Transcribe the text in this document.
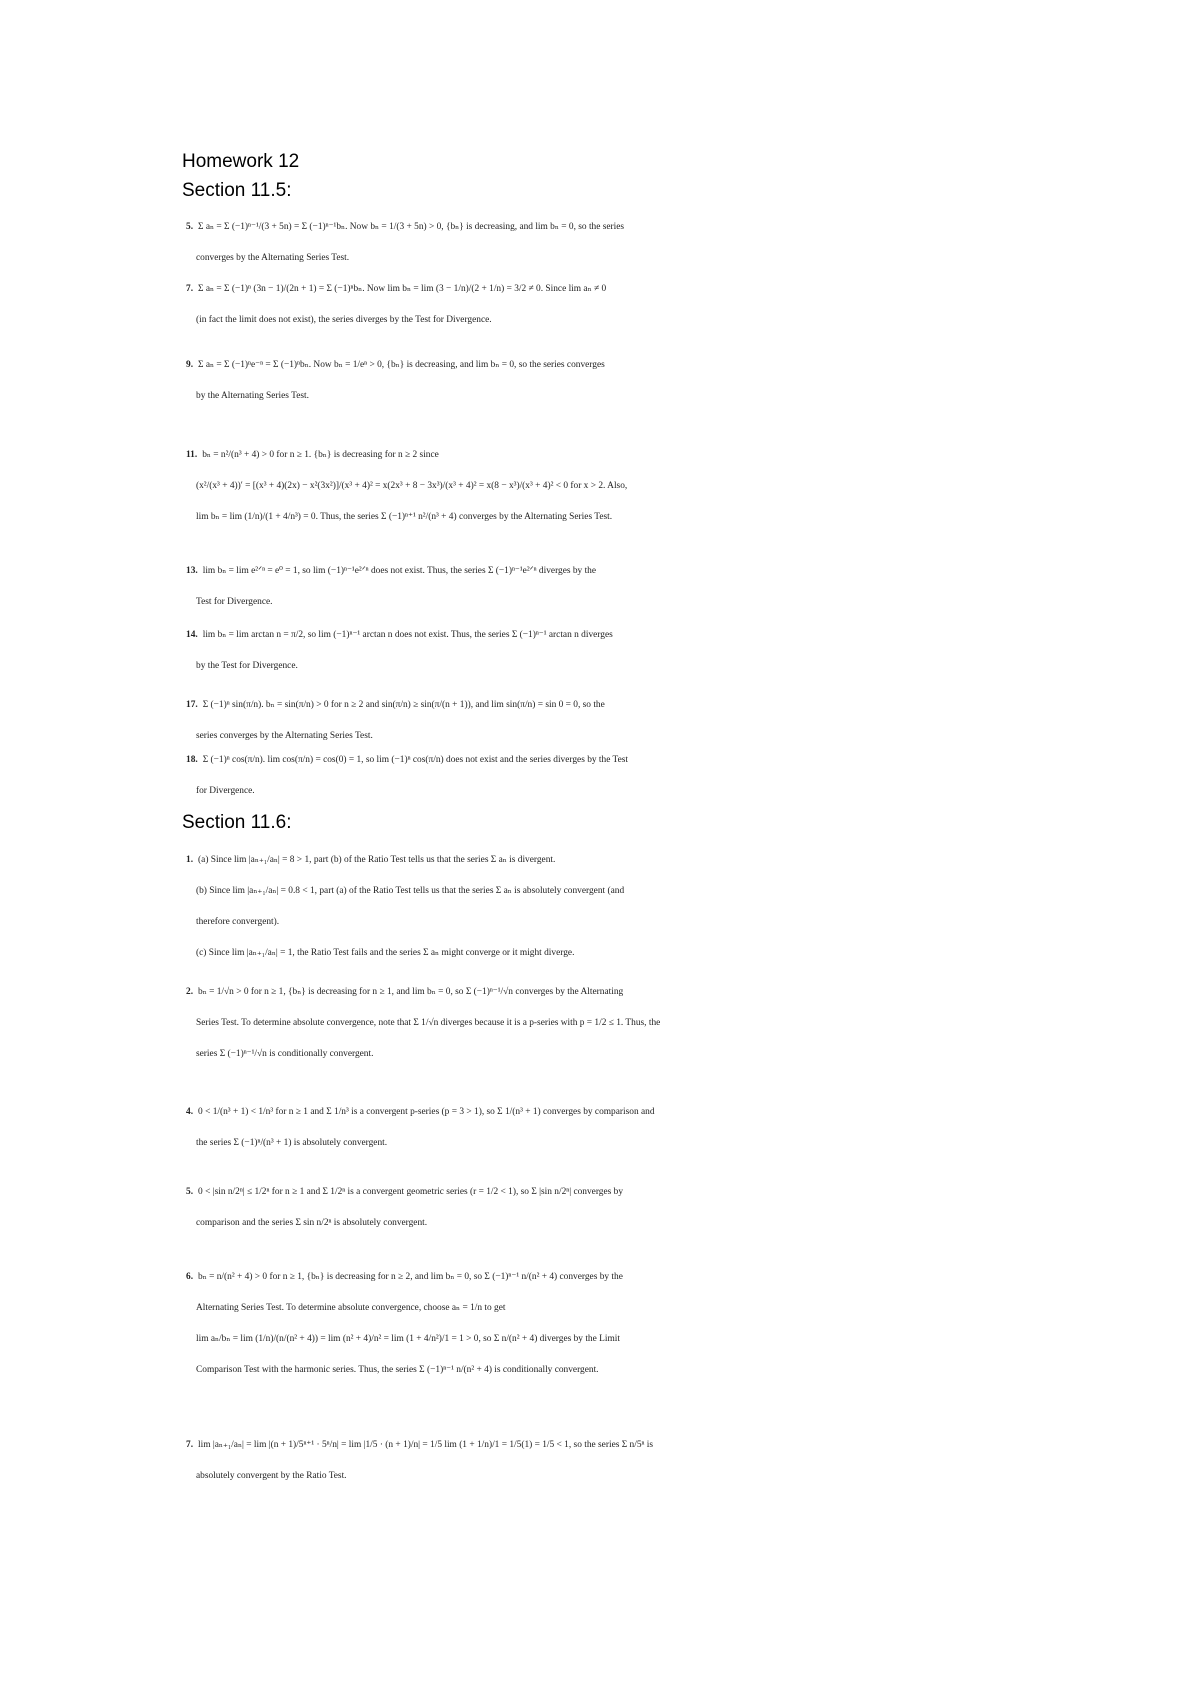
Homework 12
Section 11.5:
Section 11.6:
5. Σ aₙ = Σ (−1)ⁿ⁻¹/(3 + 5n) = Σ (−1)ⁿ⁻¹bₙ. Now bₙ = 1/(3 + 5n) > 0, {bₙ} is decreasing, and lim bₙ = 0, so the series
converges by the Alternating Series Test.
7. Σ aₙ = Σ (−1)ⁿ (3n − 1)/(2n + 1) = Σ (−1)ⁿbₙ. Now lim bₙ = lim (3 − 1/n)/(2 + 1/n) = 3/2 ≠ 0. Since lim aₙ ≠ 0
(in fact the limit does not exist), the series diverges by the Test for Divergence.
9. Σ aₙ = Σ (−1)ⁿe⁻ⁿ = Σ (−1)ⁿbₙ. Now bₙ = 1/eⁿ > 0, {bₙ} is decreasing, and lim bₙ = 0, so the series converges
by the Alternating Series Test.
11. bₙ = n²/(n³ + 4) > 0 for n ≥ 1. {bₙ} is decreasing for n ≥ 2 since
(x²/(x³ + 4))′ = [(x³ + 4)(2x) − x²(3x²)]/(x³ + 4)² = x(2x³ + 8 − 3x³)/(x³ + 4)² = x(8 − x³)/(x³ + 4)² < 0 for x > 2. Also,
lim bₙ = lim (1/n)/(1 + 4/n³) = 0. Thus, the series Σ (−1)ⁿ⁺¹ n²/(n³ + 4) converges by the Alternating Series Test.
13. lim bₙ = lim e²ᐟⁿ = e⁰ = 1, so lim (−1)ⁿ⁻¹e²ᐟⁿ does not exist. Thus, the series Σ (−1)ⁿ⁻¹e²ᐟⁿ diverges by the
Test for Divergence.
14. lim bₙ = lim arctan n = π/2, so lim (−1)ⁿ⁻¹ arctan n does not exist. Thus, the series Σ (−1)ⁿ⁻¹ arctan n diverges
by the Test for Divergence.
17. Σ (−1)ⁿ sin(π/n). bₙ = sin(π/n) > 0 for n ≥ 2 and sin(π/n) ≥ sin(π/(n + 1)), and lim sin(π/n) = sin 0 = 0, so the
series converges by the Alternating Series Test.
18. Σ (−1)ⁿ cos(π/n). lim cos(π/n) = cos(0) = 1, so lim (−1)ⁿ cos(π/n) does not exist and the series diverges by the Test
for Divergence.
1. (a) Since lim |aₙ₊₁/aₙ| = 8 > 1, part (b) of the Ratio Test tells us that the series Σ aₙ is divergent.
(b) Since lim |aₙ₊₁/aₙ| = 0.8 < 1, part (a) of the Ratio Test tells us that the series Σ aₙ is absolutely convergent (and
therefore convergent).
(c) Since lim |aₙ₊₁/aₙ| = 1, the Ratio Test fails and the series Σ aₙ might converge or it might diverge.
2. bₙ = 1/√n > 0 for n ≥ 1, {bₙ} is decreasing for n ≥ 1, and lim bₙ = 0, so Σ (−1)ⁿ⁻¹/√n converges by the Alternating
Series Test. To determine absolute convergence, note that Σ 1/√n diverges because it is a p-series with p = 1/2 ≤ 1. Thus, the
series Σ (−1)ⁿ⁻¹/√n is conditionally convergent.
4. 0 < 1/(n³ + 1) < 1/n³ for n ≥ 1 and Σ 1/n³ is a convergent p-series (p = 3 > 1), so Σ 1/(n³ + 1) converges by comparison and
the series Σ (−1)ⁿ/(n³ + 1) is absolutely convergent.
5. 0 < |sin n/2ⁿ| ≤ 1/2ⁿ for n ≥ 1 and Σ 1/2ⁿ is a convergent geometric series (r = 1/2 < 1), so Σ |sin n/2ⁿ| converges by
comparison and the series Σ sin n/2ⁿ is absolutely convergent.
6. bₙ = n/(n² + 4) > 0 for n ≥ 1, {bₙ} is decreasing for n ≥ 2, and lim bₙ = 0, so Σ (−1)ⁿ⁻¹ n/(n² + 4) converges by the
Alternating Series Test. To determine absolute convergence, choose aₙ = 1/n to get
lim aₙ/bₙ = lim (1/n)/(n/(n² + 4)) = lim (n² + 4)/n² = lim (1 + 4/n²)/1 = 1 > 0, so Σ n/(n² + 4) diverges by the Limit
Comparison Test with the harmonic series. Thus, the series Σ (−1)ⁿ⁻¹ n/(n² + 4) is conditionally convergent.
7. lim |aₙ₊₁/aₙ| = lim |(n + 1)/5ⁿ⁺¹ · 5ⁿ/n| = lim |1/5 · (n + 1)/n| = 1/5 lim (1 + 1/n)/1 = 1/5(1) = 1/5 < 1, so the series Σ n/5ⁿ is
absolutely convergent by the Ratio Test.
